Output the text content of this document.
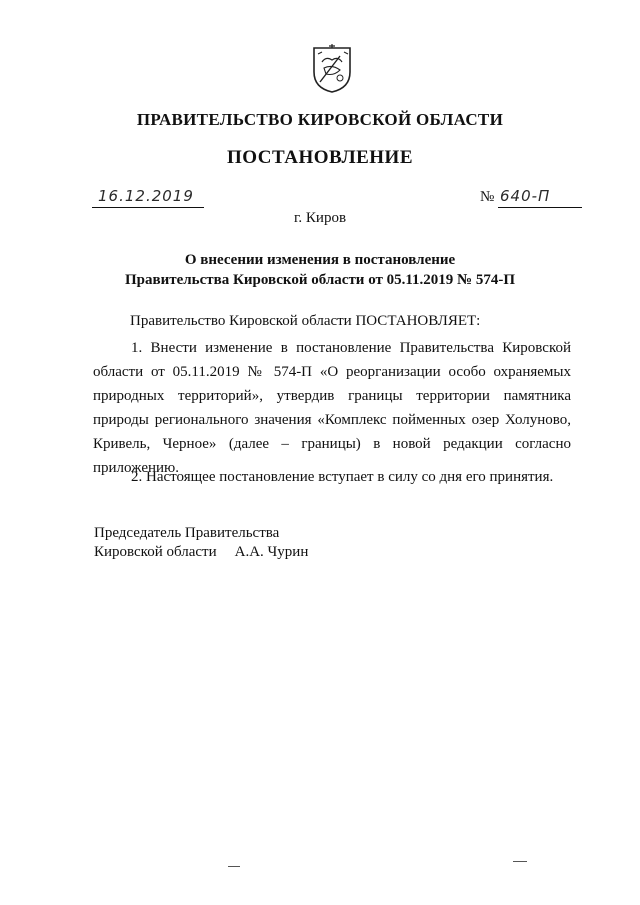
ПРАВИТЕЛЬСТВО КИРОВСКОЙ ОБЛАСТИ
ПОСТАНОВЛЕНИЕ
16.12.2019	№ 640-П
г. Киров
О внесении изменения в постановление
Правительства Кировской области от 05.11.2019 № 574-П
Правительство Кировской области ПОСТАНОВЛЯЕТ:
1. Внести изменение в постановление Правительства Кировской области от 05.11.2019 № 574-П «О реорганизации особо охраняемых природных территорий», утвердив границы территории памятника природы регионального значения «Комплекс пойменных озер Холуново, Кривель, Черное» (далее – границы) в новой редакции согласно приложению.
2. Настоящее постановление вступает в силу со дня его принятия.
Председатель Правительства
Кировской области А.А. Чурин
